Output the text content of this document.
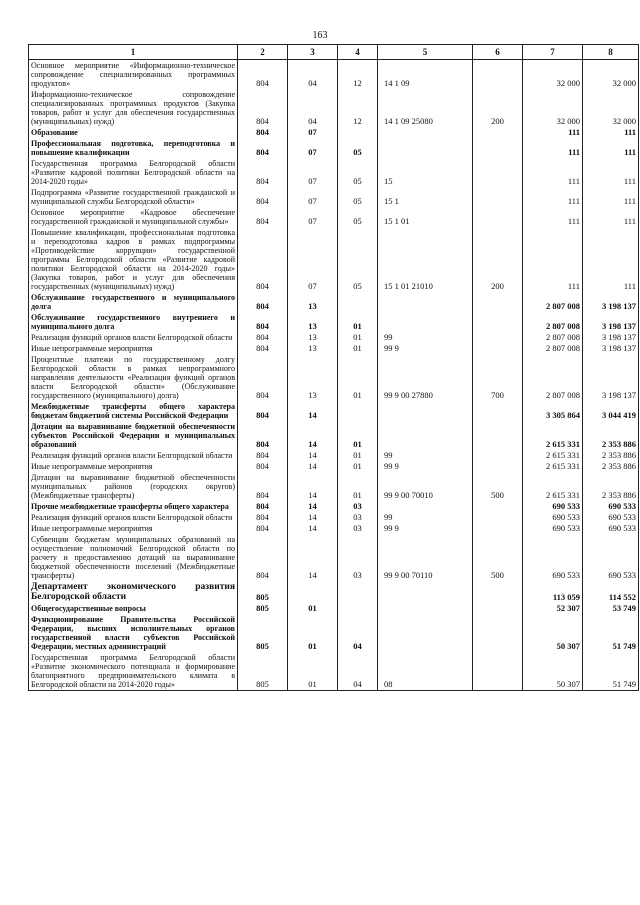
163
1	2	3	4	5	6	7	8
Основное мероприятие «Информационно-техническое сопровождение специализированных программных продуктов»	804	04	12	14 1 09		32 000	32 000
Информационно-техническое сопровождение специализированных программных продуктов (Закупка товаров, работ и услуг для обеспечения государственных (муниципальных) нужд)	804	04	12	14 1 09 25080	200	32 000	32 000
Образование	804	07				111	111
Профессиональная подготовка, переподготовка и повышение квалификации	804	07	05			111	111
Государственная программа Белгородской области «Развитие кадровой политики Белгородской области на 2014-2020 годы»	804	07	05	15		111	111
Подпрограмма «Развитие государственной гражданской и муниципальной службы Белгородской области»	804	07	05	15 1		111	111
Основное мероприятие «Кадровое обеспечение государственной гражданской и муниципальной службы»	804	07	05	15 1 01		111	111
Повышение квалификации, профессиональная подготовка и переподготовка кадров в рамках подпрограммы «Противодействие коррупции» государственной программы Белгородской области «Развитие кадровой политики Белгородской области на 2014-2020 годы» (Закупка товаров, работ и услуг для обеспечения государственных (муниципальных) нужд)	804	07	05	15 1 01 21010	200	111	111
Обслуживание государственного и муниципального долга	804	13				2 807 008	3 198 137
Обслуживание государственного внутреннего и муниципального долга	804	13	01			2 807 008	3 198 137
Реализация функций органов власти Белгородской области	804	13	01	99		2 807 008	3 198 137
Иные непрограммные мероприятия	804	13	01	99 9		2 807 008	3 198 137
Процентные платежи по государственному долгу Белгородской области в рамках непрограммного направления деятельности «Реализация функций органов власти Белгородской области» (Обслуживание государственного (муниципального) долга)	804	13	01	99 9 00 27880	700	2 807 008	3 198 137
Межбюджетные трансферты общего характера бюджетам бюджетной системы Российской Федерации	804	14				3 305 864	3 044 419
Дотации на выравнивание бюджетной обеспеченности субъектов Российской Федерации и муниципальных образований	804	14	01			2 615 331	2 353 886
Реализация функций органов власти Белгородской области	804	14	01	99		2 615 331	2 353 886
Иные непрограммные мероприятия	804	14	01	99 9		2 615 331	2 353 886
Дотации на выравнивание бюджетной обеспеченности муниципальных районов (городских округов) (Межбюджетные трансферты)	804	14	01	99 9 00 70010	500	2 615 331	2 353 886
Прочие межбюджетные трансферты общего характера	804	14	03			690 533	690 533
Реализация функций органов власти Белгородской области	804	14	03	99		690 533	690 533
Иные непрограммные мероприятия	804	14	03	99 9		690 533	690 533
Субвенции бюджетам муниципальных образований на осуществление полномочий Белгородской области по расчету и предоставлению дотаций на выравнивание бюджетной обеспеченности поселений (Межбюджетные трансферты)	804	14	03	99 9 00 70110	500	690 533	690 533
Департамент экономического развития Белгородской области	805					113 059	114 552
Общегосударственные вопросы	805	01				52 307	53 749
Функционирование Правительства Российской Федерации, высших исполнительных органов государственной власти субъектов Российской Федерации, местных администраций	805	01	04			50 307	51 749
Государственная программа Белгородской области «Развитие экономического потенциала и формирование благоприятного предпринимательского климата в Белгородской области на 2014-2020 годы»	805	01	04	08		50 307	51 749
